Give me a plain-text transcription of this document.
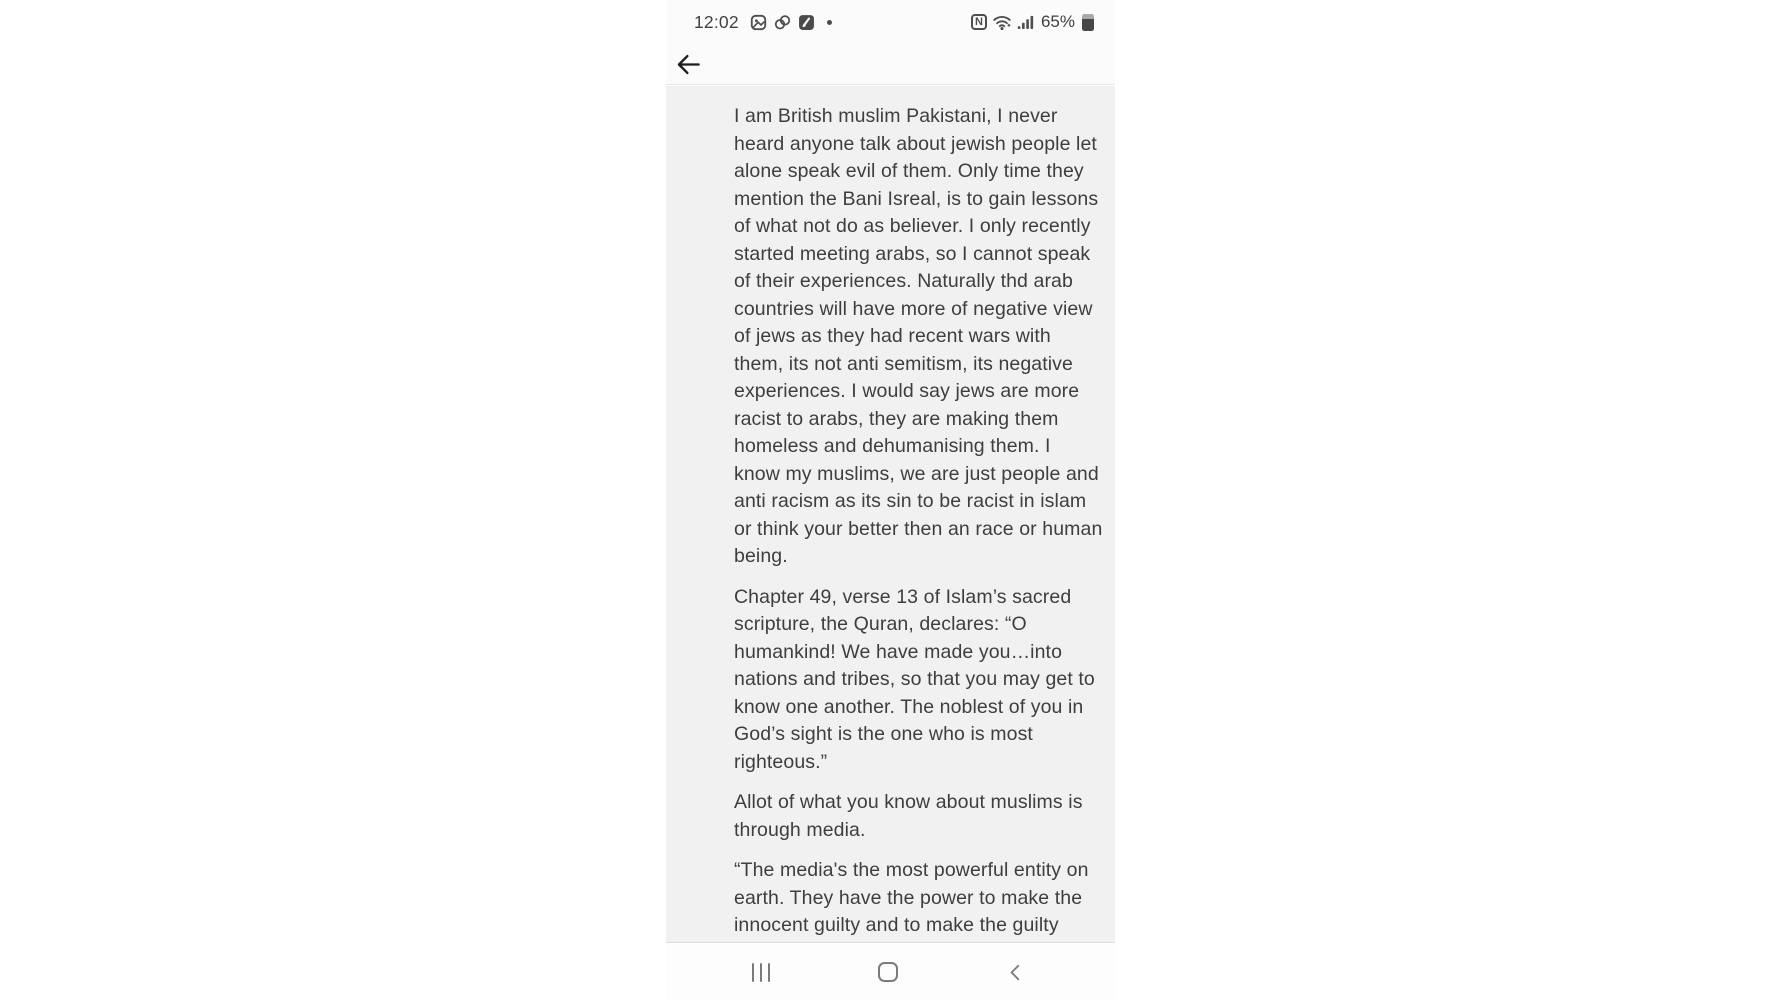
12:02	N	65%
I am British muslim Pakistani, I never
heard anyone talk about jewish people let
alone speak evil of them. Only time they
mention the Bani Isreal, is to gain lessons
of what not do as believer. I only recently
started meeting arabs, so I cannot speak
of their experiences. Naturally thd arab
countries will have more of negative view
of jews as they had recent wars with
them, its not anti semitism, its negative
experiences. I would say jews are more
racist to arabs, they are making them
homeless and dehumanising them. I
know my muslims, we are just people and
anti racism as its sin to be racist in islam
or think your better then an race or human
being.
Chapter 49, verse 13 of Islam’s sacred
scripture, the Quran, declares: “O
humankind! We have made you…into
nations and tribes, so that you may get to
know one another. The noblest of you in
God’s sight is the one who is most
righteous.”
Allot of what you know about muslims is
through media.
“The media's the most powerful entity on
earth. They have the power to make the
innocent guilty and to make the guilty
